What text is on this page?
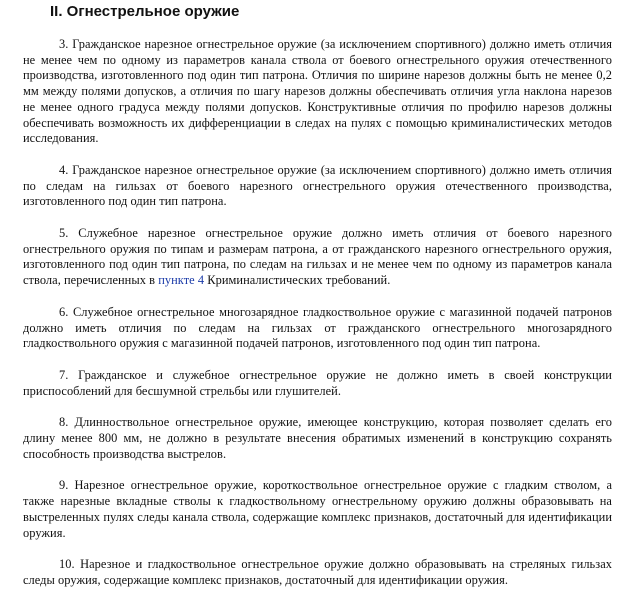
II. Огнестрельное оружие

3. Гражданское нарезное огнестрельное оружие (за исключением спортивного) должно иметь отличия не менее чем по одному из параметров канала ствола от боевого огнестрельного оружия отечественного производства, изготовленного под один тип патрона. Отличия по ширине нарезов должны быть не менее 0,2 мм между полями допусков, а отличия по шагу нарезов должны обеспечивать отличия угла наклона нарезов не менее одного градуса между полями допусков. Конструктивные отличия по профилю нарезов должны обеспечивать возможность их дифференциации в следах на пулях с помощью криминалистических методов исследования.

4. Гражданское нарезное огнестрельное оружие (за исключением спортивного) должно иметь отличия по следам на гильзах от боевого нарезного огнестрельного оружия отечественного производства, изготовленного под один тип патрона.

5. Служебное нарезное огнестрельное оружие должно иметь отличия от боевого нарезного огнестрельного оружия по типам и размерам патрона, а от гражданского нарезного огнестрельного оружия, изготовленного под один тип патрона, по следам на гильзах и не менее чем по одному из параметров канала ствола, перечисленных в пункте 4 Криминалистических требований.

6. Служебное огнестрельное многозарядное гладкоствольное оружие с магазинной подачей патронов должно иметь отличия по следам на гильзах от гражданского огнестрельного многозарядного гладкоствольного оружия с магазинной подачей патронов, изготовленного под один тип патрона.

7. Гражданское и служебное огнестрельное оружие не должно иметь в своей конструкции приспособлений для бесшумной стрельбы или глушителей.

8. Длинноствольное огнестрельное оружие, имеющее конструкцию, которая позволяет сделать его длину менее 800 мм, не должно в результате внесения обратимых изменений в конструкцию сохранять способность производства выстрелов.

9. Нарезное огнестрельное оружие, короткоствольное огнестрельное оружие с гладким стволом, а также нарезные вкладные стволы к гладкоствольному огнестрельному оружию должны образовывать на выстреленных пулях следы канала ствола, содержащие комплекс признаков, достаточный для идентификации оружия.

10. Нарезное и гладкоствольное огнестрельное оружие должно образовывать на стреляных гильзах следы оружия, содержащие комплекс признаков, достаточный для идентификации оружия.
